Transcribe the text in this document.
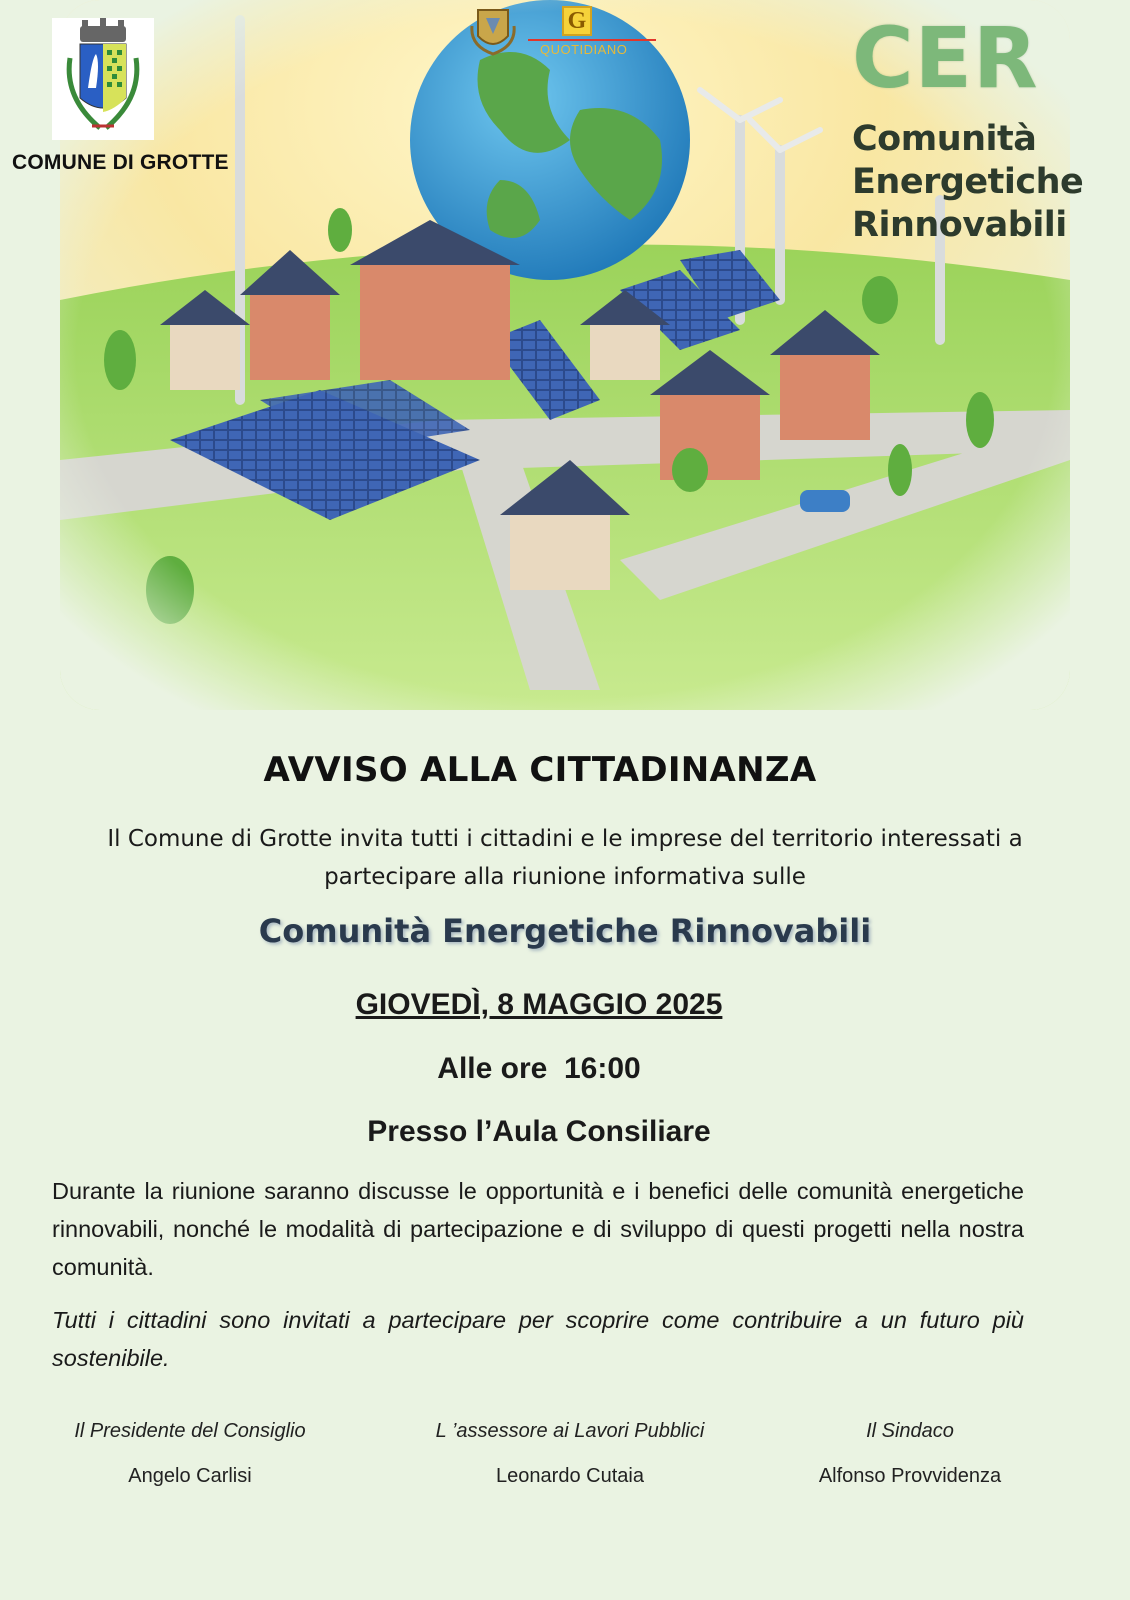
COMUNE DI GROTTE
G
QUOTIDIANO	CER
Comunità
Energetiche
Rinnovabili
AVVISO ALLA CITTADINANZA
Il Comune di Grotte invita tutti i cittadini e le imprese del territorio interessati a partecipare alla riunione informativa sulle
Comunità Energetiche Rinnovabili
GIOVEDÌ, 8 MAGGIO 2025
Alle ore  16:00
Presso l’Aula Consiliare
Durante la riunione saranno discusse le opportunità e i benefici delle comunità energetiche rinnovabili, nonché le modalità di partecipazione e di sviluppo di questi progetti nella nostra comunità.
Tutti i cittadini sono invitati a partecipare per scoprire come contribuire a un futuro più sostenibile.
Il Presidente del Consiglio
Angelo Carlisi
L ’assessore ai Lavori Pubblici
Leonardo Cutaia
Il Sindaco
Alfonso Provvidenza
